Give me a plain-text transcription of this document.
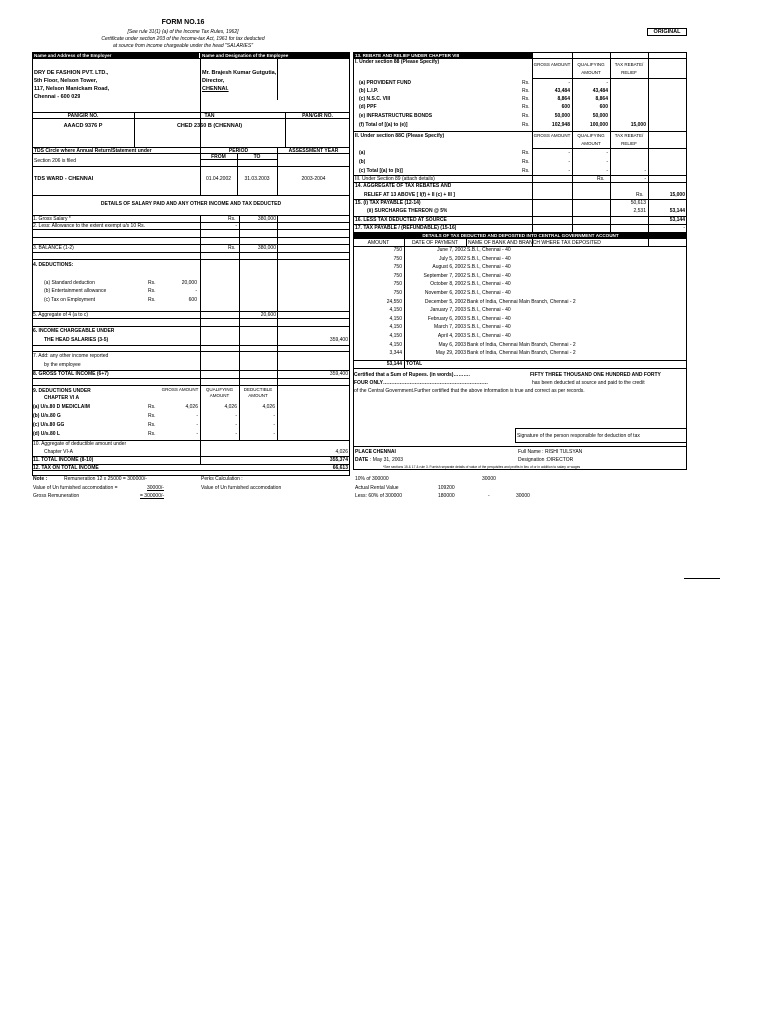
FORM NO.16
[See rule 31(1) (a) of the Income Tax Rules, 1962]
Certificate under section 203 of the Income-tax Act, 1961 for tax deducted
at source from income chargeable under the head "SALARIES"
ORIGINAL
Name and Address of the Employer	Name and Designation of the Employee
DRY DE FASHION PVT. LTD.,
5th Floor, Nelson Tower,
117, Nelson Manickam Road,
Chennai - 600 029
Mr. Brajesh Kumar Gutgutia,
Director,
CHENNAI.
PAN/GIR NO.	TAN	PAN/GIR NO.
AAACD 9376 P	CHED 2360 B (CHENNAI)
TDS Circle where Annual Return/Statement under
Section 206 is filed
PERIOD
FROM	TO
ASSESSMENT YEAR
TDS WARD - CHENNAI	01.04.2002	31.03.2003	2003-2004
DETAILS OF SALARY PAID AND ANY OTHER INCOME AND TAX DEDUCTED
1. Gross Salary *	Rs.	380,000
2. Less: Allowance to the extent exempt u/s 10 Rs.	-
3. BALANCE (1-2)	Rs.	380,000
4. DEDUCTIONS:
(a) Standard deduction	Rs.	20,000
(b) Entertainment allowance	Rs.	-
(c) Tax on Employment	Rs.	600
5. Aggregate of 4 (a to c)	20,600
6. INCOME CHARGEABLE UNDER
THE HEAD SALARIES (3-5)	359,400
7. Add: any other income reported
by the employee
8. GROSS TOTAL INCOME (6+7)	359,400
9. DEDUCTIONS UNDER
CHAPTER VI A
GROSS AMOUNT	QUALIFYING AMOUNT
DEDUCTIBLE AMOUNT
(a) U/s.80 D MEDICLAIM	Rs.	4,026	4,026	4,026
(b) U/s.80 G	Rs.	-	-	-
(c) U/s.80 GG	Rs.	-	-	-
(d) U/s.80 L	Rs.	-	-	-
10. Aggregate of deductible amount under
Chapter VI-A	4,026
11. TOTAL INCOME (8-10)	355,374
12. TAX ON TOTAL INCOME	66,613
13. REBATE AND RELIEF UNDER CHAPTER VIII
I. Under section 88 (Please Specify)	GROSS AMOUNT	QUALIFYING AMOUNT
TAX REBATE/ RELIEF
(a) PROVIDENT FUND	Rs.	-	-
(b) L.I.P.	Rs.	43,484	43,484
(c) N.S.C. VIII	Rs.	8,864	8,864
(d) PPF	Rs.	600	600
(e) INFRASTRUCTURE BONDS	Rs.	50,000	50,000
(f) Total of [(a) to (e)]	Rs.	102,948	100,000	15,000
II. Under section 88C (Please Specify)	GROSS AMOUNT	QUALIFYING AMOUNT
TAX REBATE/ RELIEF
(a)	Rs.	-	-
(b)	Rs.	-	-
(c) Total [(a) to (b)]	Rs.	-	-	-
III. Under Section 89 (attach details)	Rs.	-
14. AGGREGATE OF TAX REBATES AND
RELIEF AT 13 ABOVE [ I(f) + II (c) + III ]	Rs.	15,000
15. (i) TAX PAYABLE (12-14)	50,613
(ii) SURCHARGE THEREON @ 5%	2,531	53,144
16. LESS TAX DEDUCTED AT SOURCE	53,144
17. TAX PAYABLE / (REFUNDABLE) (15-16)	-
DETAILS OF TAX DEDUCTED AND DEPOSITED INTO CENTRAL GOVERNMENT ACCOUNT
AMOUNT	DATE OF PAYMENT	NAME OF BANK AND BRANCH WHERE TAX DEPOSITED
750	June 7, 2002 S.B.I., Chennai - 40
750	July 5, 2002 S.B.I., Chennai - 40
750	August 6, 2002 S.B.I., Chennai - 40
750	September 7, 2002 S.B.I., Chennai - 40
750	October 8, 2002 S.B.I., Chennai - 40
750	November 6, 2002 S.B.I., Chennai - 40
24,550	December 5, 2002 Bank of India, Chennai Main Branch, Chennai - 2
4,150	January 7, 2003 S.B.I., Chennai - 40
4,150	February 6, 2003 S.B.I., Chennai - 40
4,150	March 7, 2003 S.B.I., Chennai - 40
4,150	April 4, 2003 S.B.I., Chennai - 40
4,150	May 6, 2003 Bank of India, Chennai Main Branch, Chennai - 2
3,344	May 29, 2003 Bank of India, Chennai Main Branch, Chennai - 2
53,144 TOTAL
Certified that a Sum of Rupees. (in words)……….	FIFTY THREE THOUSAND ONE HUNDRED AND FORTY
FOUR ONLY………………………………………………………	has been deducted at source and paid to the credit
of the Central Government.Further certified that the above information is true and correct as per records.
Signature of the person responsible for deduction of tax
PLACE
: CHENNAI
DATE : May 31, 2003
Full Name : RISHI TULSYAN
Designation :DIRECTOR
*See sections 15 & 17 & rule 3. Furnish separate details of value of the perquisites and profits in lieu of or in addition to salary or wages
Note :	Remuneration 12 x 25000 = 300000/-	Perks Calculation :	10% of 300000	30000
Value of Un furnished accomodation =	30000/-	Value of Un furnished accomodation	Actual Rental Value	109200
Gross Remuneration	= 300000/-	Less: 60% of 300000	180000	-	30000
